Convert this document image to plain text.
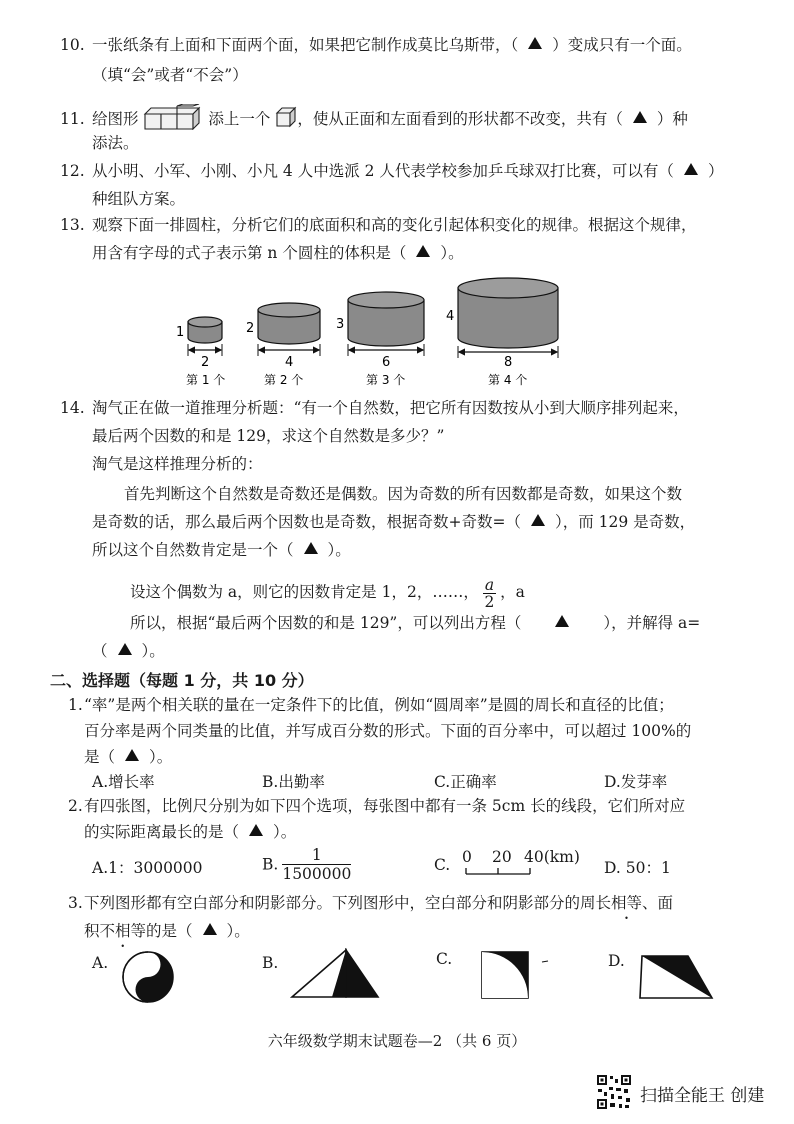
10. 一张纸条有上面和下面两个面，如果把它制作成莫比乌斯带，（ ）变成只有一个面。
（填“会”或者“不会”）
11. 给图形	添上一个 ，使从正面和左面看到的形状都不改变，共有（ ）种
添法。
12. 从小明、小军、小刚、小凡 4 人中选派 2 人代表学校参加乒乓球双打比赛，可以有（ ）
种组队方案。
13. 观察下面一排圆柱，分析它们的底面积和高的变化引起体积变化的规律。根据这个规律，
用含有字母的式子表示第 n 个圆柱的体积是（ ）。
1
2
2
4
3
6
4
8
第 1 个	第 2 个	第 3 个	第 4 个
14. 淘气正在做一道推理分析题：“有一个自然数，把它所有因数按从小到大顺序排列起来，
最后两个因数的和是 129，求这个自然数是多少？”
淘气是这样推理分析的：
首先判断这个自然数是奇数还是偶数。因为奇数的所有因数都是奇数，如果这个数
是奇数的话，那么最后两个因数也是奇数，根据奇数+奇数=（ ），而 129 是奇数，
所以这个自然数肯定是一个（ ）。
设这个偶数为 a，则它的因数肯定是 1，2，……， $\frac{a}{2}$ ，a
所以，根据“最后两个因数的和是 129”，可以列出方程（	），并解得 a=
（ ）。
二、选择题（每题 1 分，共 10 分）
1.“率”是两个相关联的量在一定条件下的比值，例如“圆周率”是圆的周长和直径的比值；
百分率是两个同类量的比值，并写成百分数的形式。下面的百分率中，可以超过 100%的
是（ ）。
A.增长率	B.出勤率	C.正确率	D.发芽率
2.有四张图，比例尺分别为如下四个选项，每张图中都有一条 5cm 长的线段，它们所对应
的实际距离最长的是（ ）。
A.1：3000000	B. $\frac{1}{1500000}$	C. 0 20 40(km)
D. 50：1
3.下列图形都有空白部分和阴影部分。下列图形中，空白部分和阴影部分的周长相等、面
积不相等的是（ ）。
A.	B.	C.	D.
六年级数学期末试题卷—2 （共 6 页）
扫描全能王 创建
